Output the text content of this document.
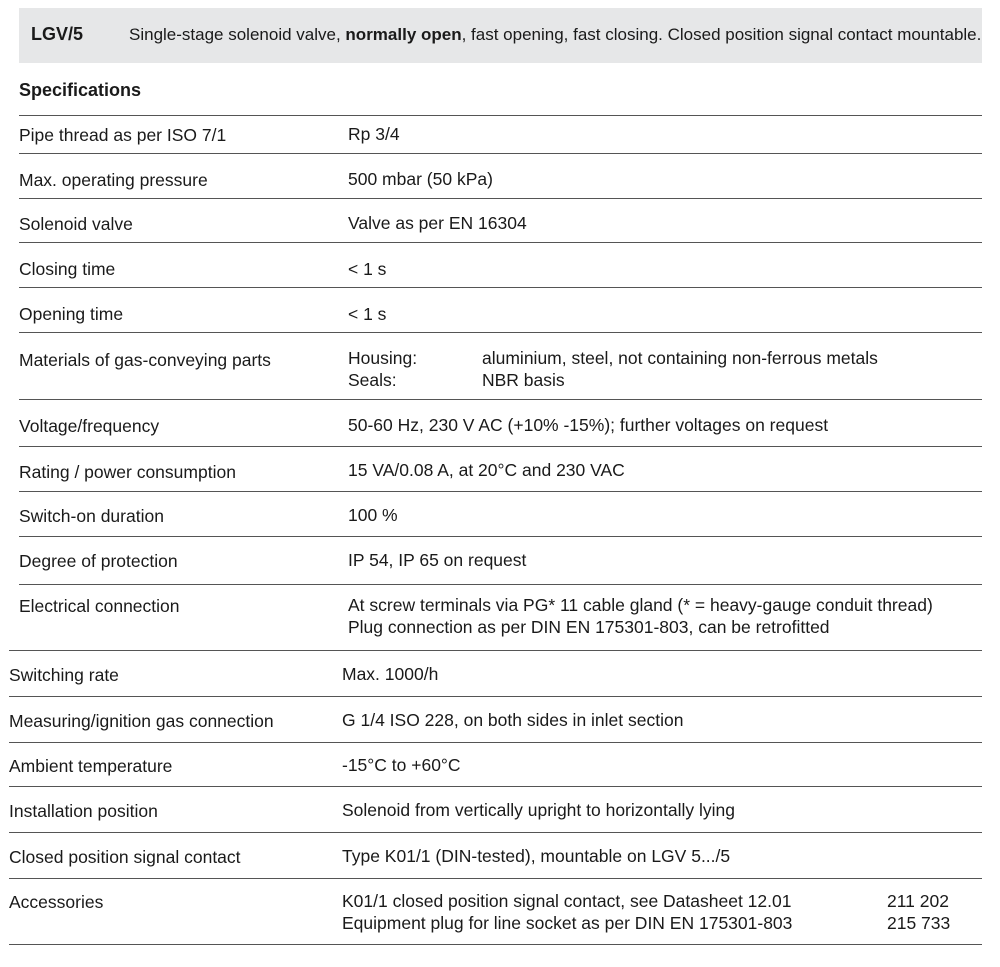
LGV/5	Single-stage solenoid valve, normally open, fast opening, fast closing. Closed position signal contact mountable.
Specifications
Pipe thread as per ISO 7/1	Rp 3/4
Max. operating pressure	500 mbar (50 kPa)
Solenoid valve	Valve as per EN 16304
Closing time	< 1 s
Opening time	< 1 s
Materials of gas-conveying parts	Housing:	aluminium, steel, not containing non-ferrous metals
Seals:	NBR basis
Voltage/frequency	50-60 Hz, 230 V AC (+10% -15%); further voltages on request
Rating / power consumption	15 VA/0.08 A, at 20°C and 230 VAC
Switch-on duration	100 %
Degree of protection	IP 54, IP 65 on request
Electrical connection	At screw terminals via PG* 11 cable gland (* = heavy-gauge conduit thread)
Plug connection as per DIN EN 175301-803, can be retrofitted
Switching rate	Max. 1000/h
Measuring/ignition gas connection	G 1/4 ISO 228, on both sides in inlet section
Ambient temperature	-15°C to +60°C
Installation position	Solenoid from vertically upright to horizontally lying
Closed position signal contact	Type K01/1 (DIN-tested), mountable on LGV 5.../5
Accessories	K01/1 closed position signal contact, see Datasheet 12.01	211 202
Equipment plug for line socket as per DIN EN 175301-803	215 733
